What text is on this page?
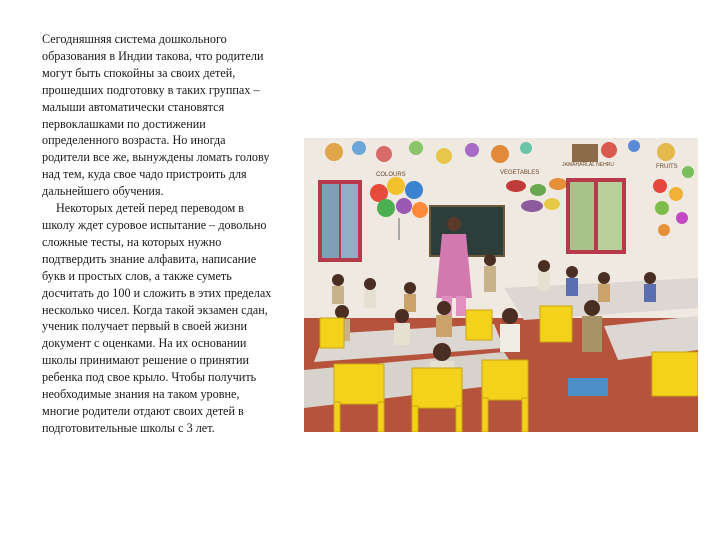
Сегодняшняя система дошкольного образования в Индии такова, что родители могут быть спокойны за своих детей, прошедших подготовку в таких группах – малыши автоматически становятся первоклашками по достижении определенного возраста. Но иногда родители все же, вынуждены ломать голову над тем, куда свое чадо пристроить для дальнейшего обучения.

Некоторых детей перед переводом в школу ждет суровое испытание – довольно сложные тесты, на которых нужно подтвердить знание алфавита, написание букв и простых слов, а также суметь досчитать до 100 и сложить в этих пределах несколько чисел. Когда такой экзамен сдан, ученик получает первый в своей жизни документ с оценками. На их основании школы принимают решение о принятии ребенка под свое крыло. Чтобы получить необходимые знания на таком уровне, многие родители отдают своих детей в подготовительные школы с 3 лет.

COLOURS	VEGETABLES
JAWAHARLAL NEHRU	FRUITS
